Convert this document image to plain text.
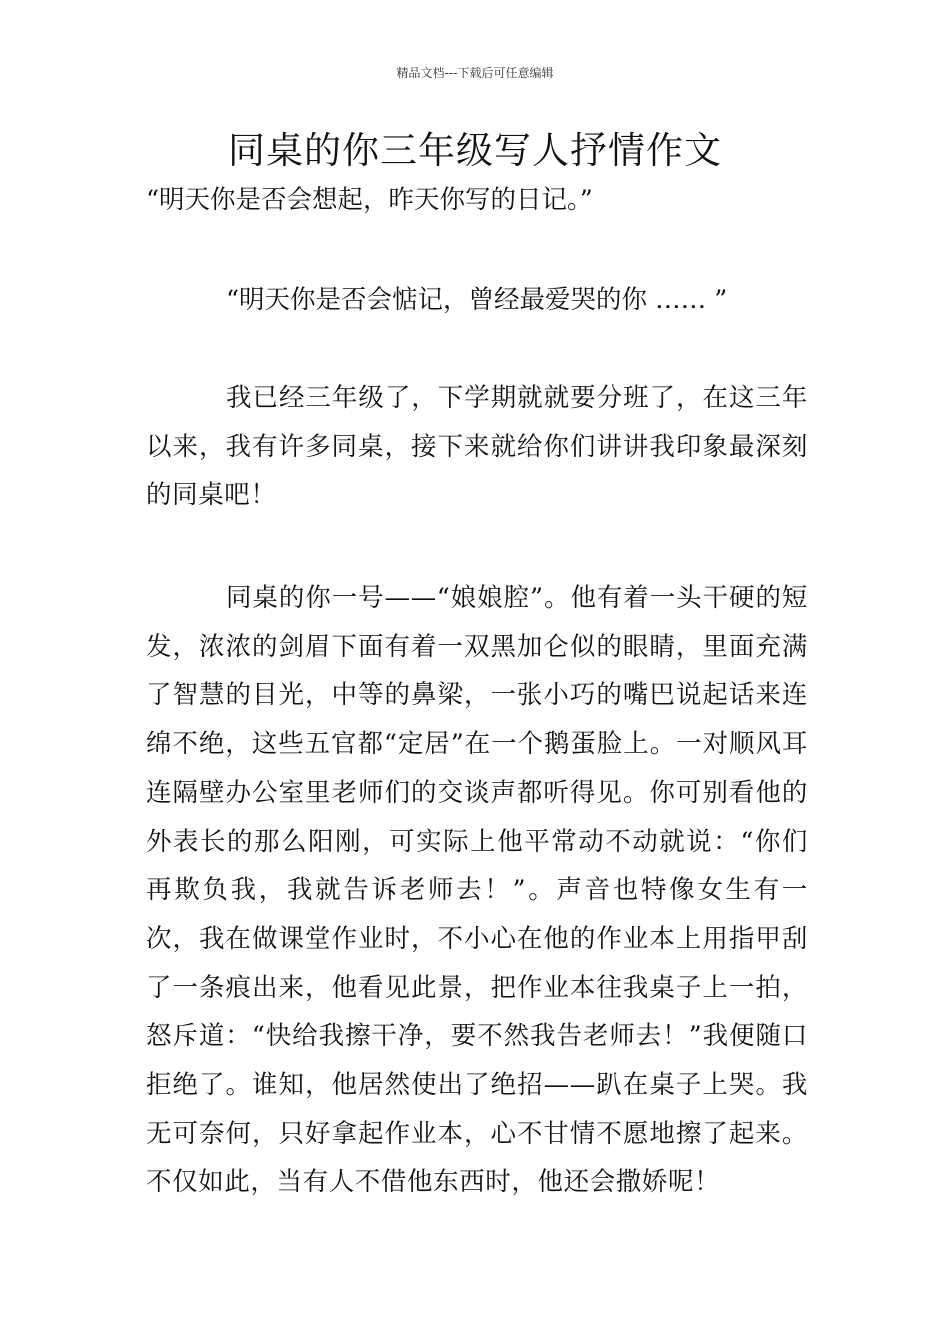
精品文档---下载后可任意编辑
同桌的你三年级写人抒情作文
“明天你是否会想起，昨天你写的日记。”
“明天你是否会惦记，曾经最爱哭的你 …… ”

我已经三年级了，下学期就就要分班了，在这三年以来，我有许多同桌，接下来就给你们讲讲我印象最深刻的同桌吧！

同桌的你一号——“娘娘腔”。他有着一头干硬的短发，浓浓的剑眉下面有着一双黑加仑似的眼睛，里面充满了智慧的目光，中等的鼻梁，一张小巧的嘴巴说起话来连绵不绝，这些五官都“定居”在一个鹅蛋脸上。一对顺风耳连隔壁办公室里老师们的交谈声都听得见。你可别看他的外表长的那么阳刚，可实际上他平常动不动就说：“你们再欺负我，我就告诉老师去！”。声音也特像女生有一次，我在做课堂作业时，不小心在他的作业本上用指甲刮了一条痕出来，他看见此景，把作业本往我桌子上一拍，怒斥道：“快给我擦干净，要不然我告老师去！”我便随口拒绝了。谁知，他居然使出了绝招——趴在桌子上哭。我无可奈何，只好拿起作业本，心不甘情不愿地擦了起来。不仅如此，当有人不借他东西时，他还会撒娇呢！
